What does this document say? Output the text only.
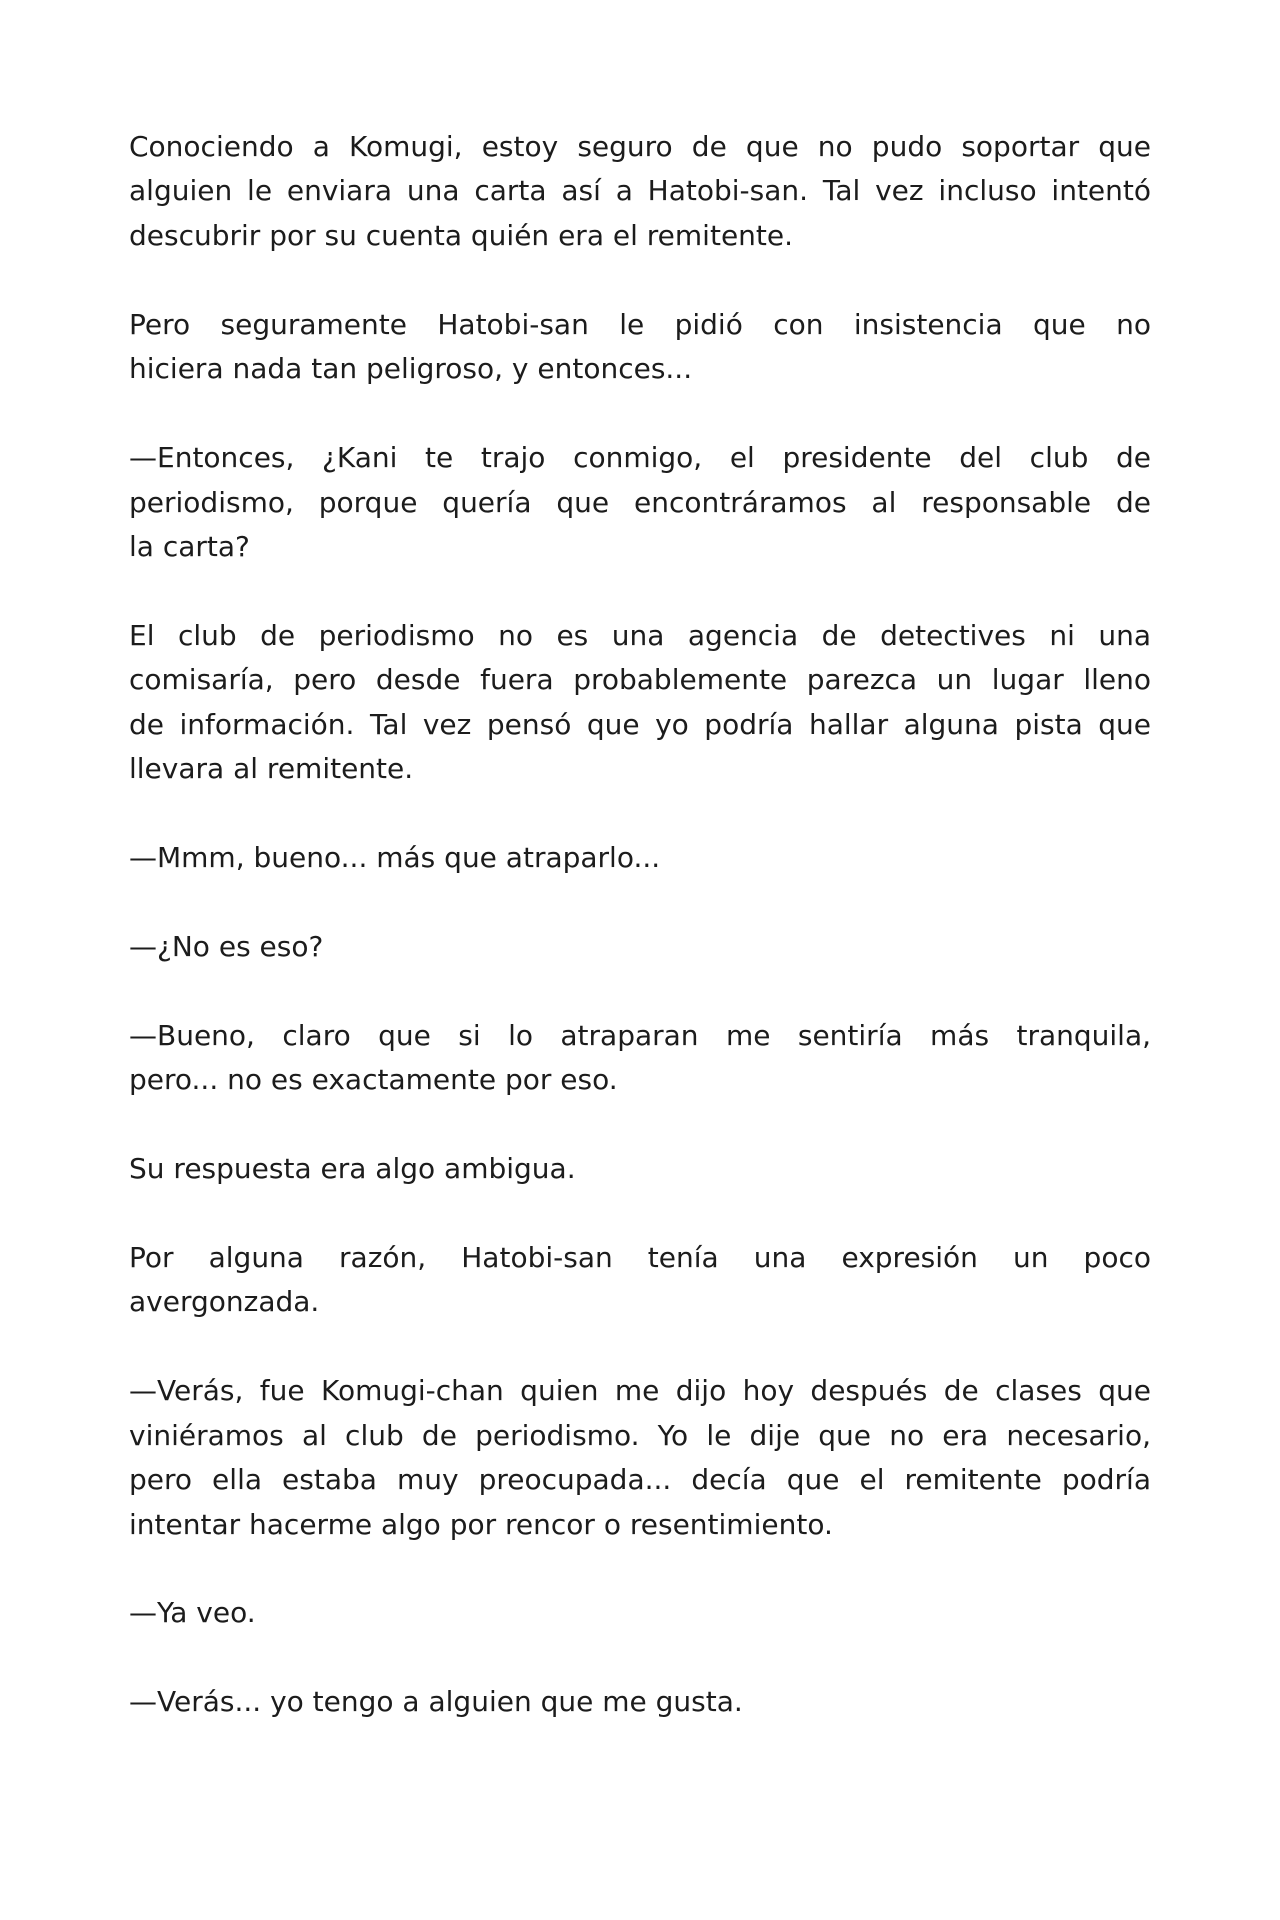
Conociendo a Komugi, estoy seguro de que no pudo soportar que
alguien le enviara una carta así a Hatobi-san. Tal vez incluso intentó
descubrir por su cuenta quién era el remitente.

Pero seguramente Hatobi-san le pidió con insistencia que no
hiciera nada tan peligroso, y entonces...

—Entonces, ¿Kani te trajo conmigo, el presidente del club de
periodismo, porque quería que encontráramos al responsable de
la carta?

El club de periodismo no es una agencia de detectives ni una
comisaría, pero desde fuera probablemente parezca un lugar lleno
de información. Tal vez pensó que yo podría hallar alguna pista que
llevara al remitente.

—Mmm, bueno... más que atraparlo...

—¿No es eso?

—Bueno, claro que si lo atraparan me sentiría más tranquila,
pero... no es exactamente por eso.

Su respuesta era algo ambigua.

Por alguna razón, Hatobi-san tenía una expresión un poco
avergonzada.

—Verás, fue Komugi-chan quien me dijo hoy después de clases que
viniéramos al club de periodismo. Yo le dije que no era necesario,
pero ella estaba muy preocupada... decía que el remitente podría
intentar hacerme algo por rencor o resentimiento.

—Ya veo.

—Verás... yo tengo a alguien que me gusta.
